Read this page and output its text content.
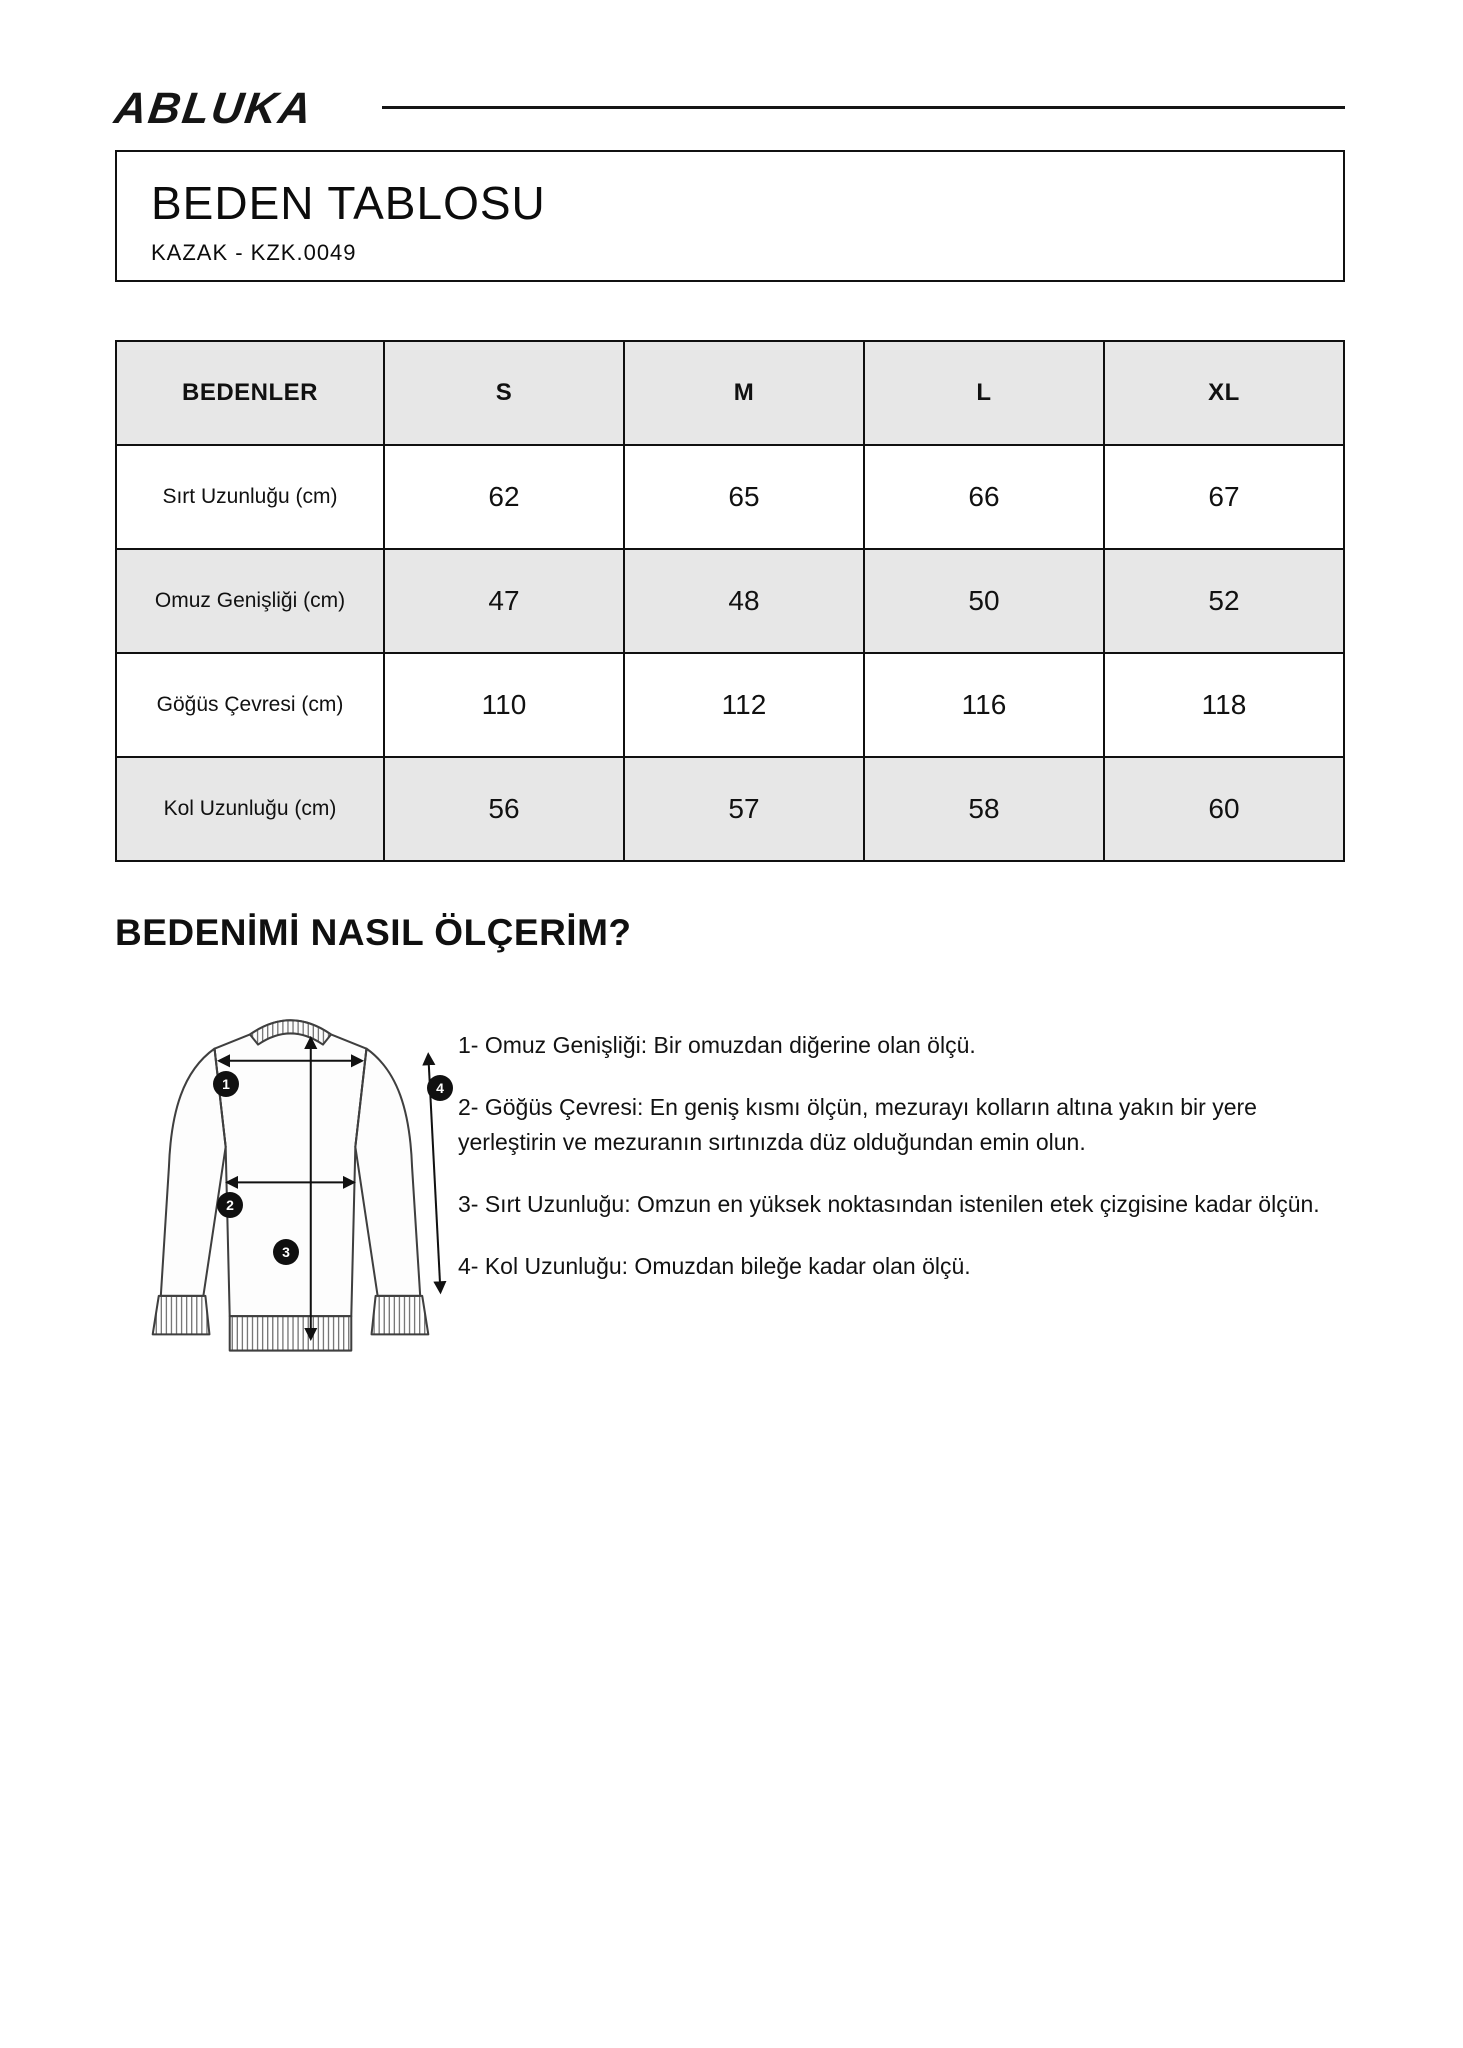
ABLUKA
BEDEN TABLOSU
KAZAK - KZK.0049
BEDENLER	S	M	L	XL
Sırt Uzunluğu (cm)	62	65	66	67
Omuz Genişliği (cm)	47	48	50	52
Göğüs Çevresi (cm)	110	112	116	118
Kol Uzunluğu (cm)	56	57	58	60
BEDENİMİ NASIL ÖLÇERİM?
1
2
3
4

1- Omuz Genişliği: Bir omuzdan diğerine olan ölçü.

2- Göğüs Çevresi: En geniş kısmı ölçün, mezurayı kolların altına yakın bir yere yerleştirin ve mezuranın sırtınızda düz olduğundan emin olun.

3- Sırt Uzunluğu: Omzun en yüksek noktasından istenilen etek çizgisine kadar ölçün.

4- Kol Uzunluğu: Omuzdan bileğe kadar olan ölçü.
